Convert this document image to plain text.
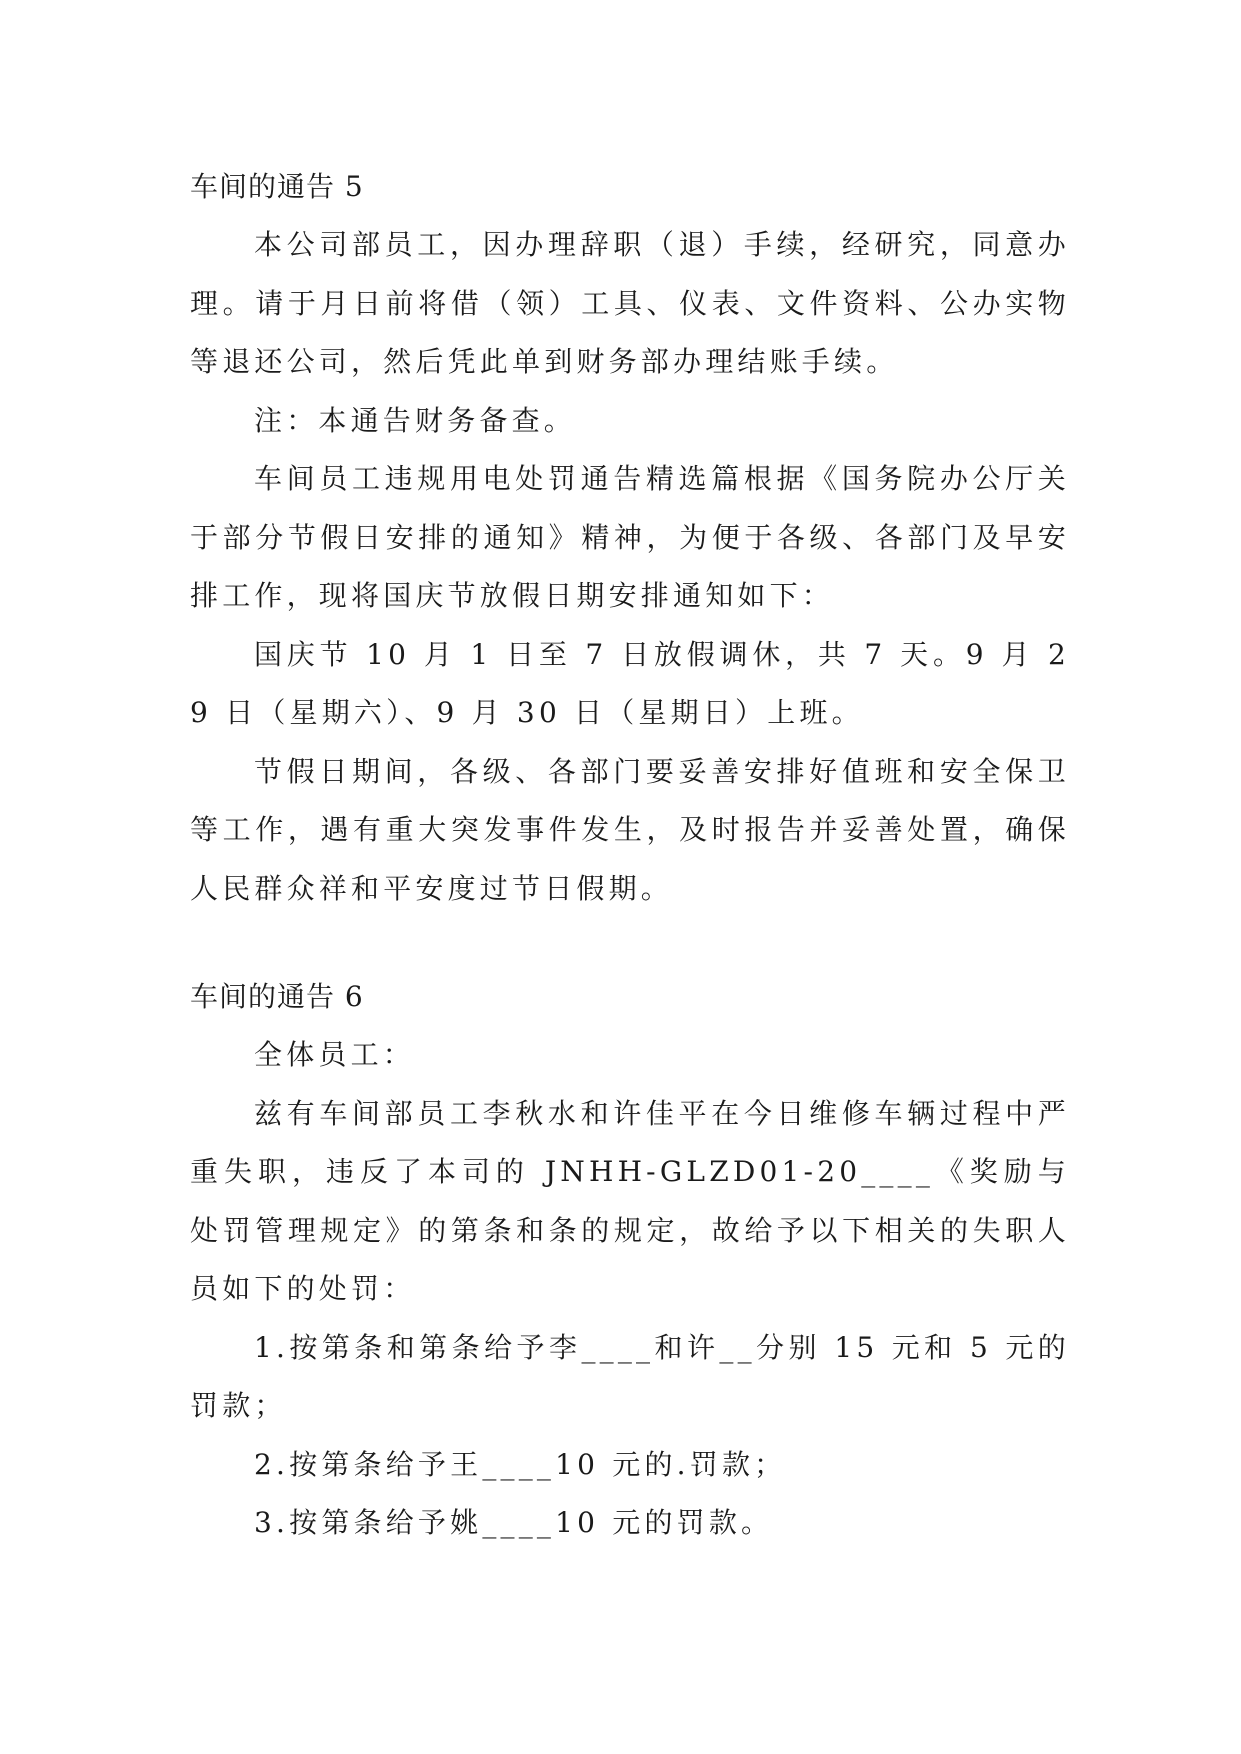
车间的通告 5

本公司部员工，因办理辞职（退）手续，经研究，同意办理。请于月日前将借（领）工具、仪表、文件资料、公办实物等退还公司，然后凭此单到财务部办理结账手续。

注：本通告财务备查。

车间员工违规用电处罚通告精选篇根据《国务院办公厅关于部分节假日安排的通知》精神，为便于各级、各部门及早安排工作，现将国庆节放假日期安排通知如下：

国庆节 10 月 1 日至 7 日放假调休，共 7 天。9 月 29 日（星期六）、9 月 30 日（星期日）上班。

节假日期间，各级、各部门要妥善安排好值班和安全保卫等工作，遇有重大突发事件发生，及时报告并妥善处置，确保人民群众祥和平安度过节日假期。

车间的通告 6

全体员工：

兹有车间部员工李秋水和许佳平在今日维修车辆过程中严重失职，违反了本司的 JNHH-GLZD01-20____《奖励与处罚管理规定》的第条和条的规定，故给予以下相关的失职人员如下的处罚：

1.按第条和第条给予李____和许__分别 15 元和 5 元的罚款；

2.按第条给予王____10 元的.罚款；

3.按第条给予姚____10 元的罚款。
